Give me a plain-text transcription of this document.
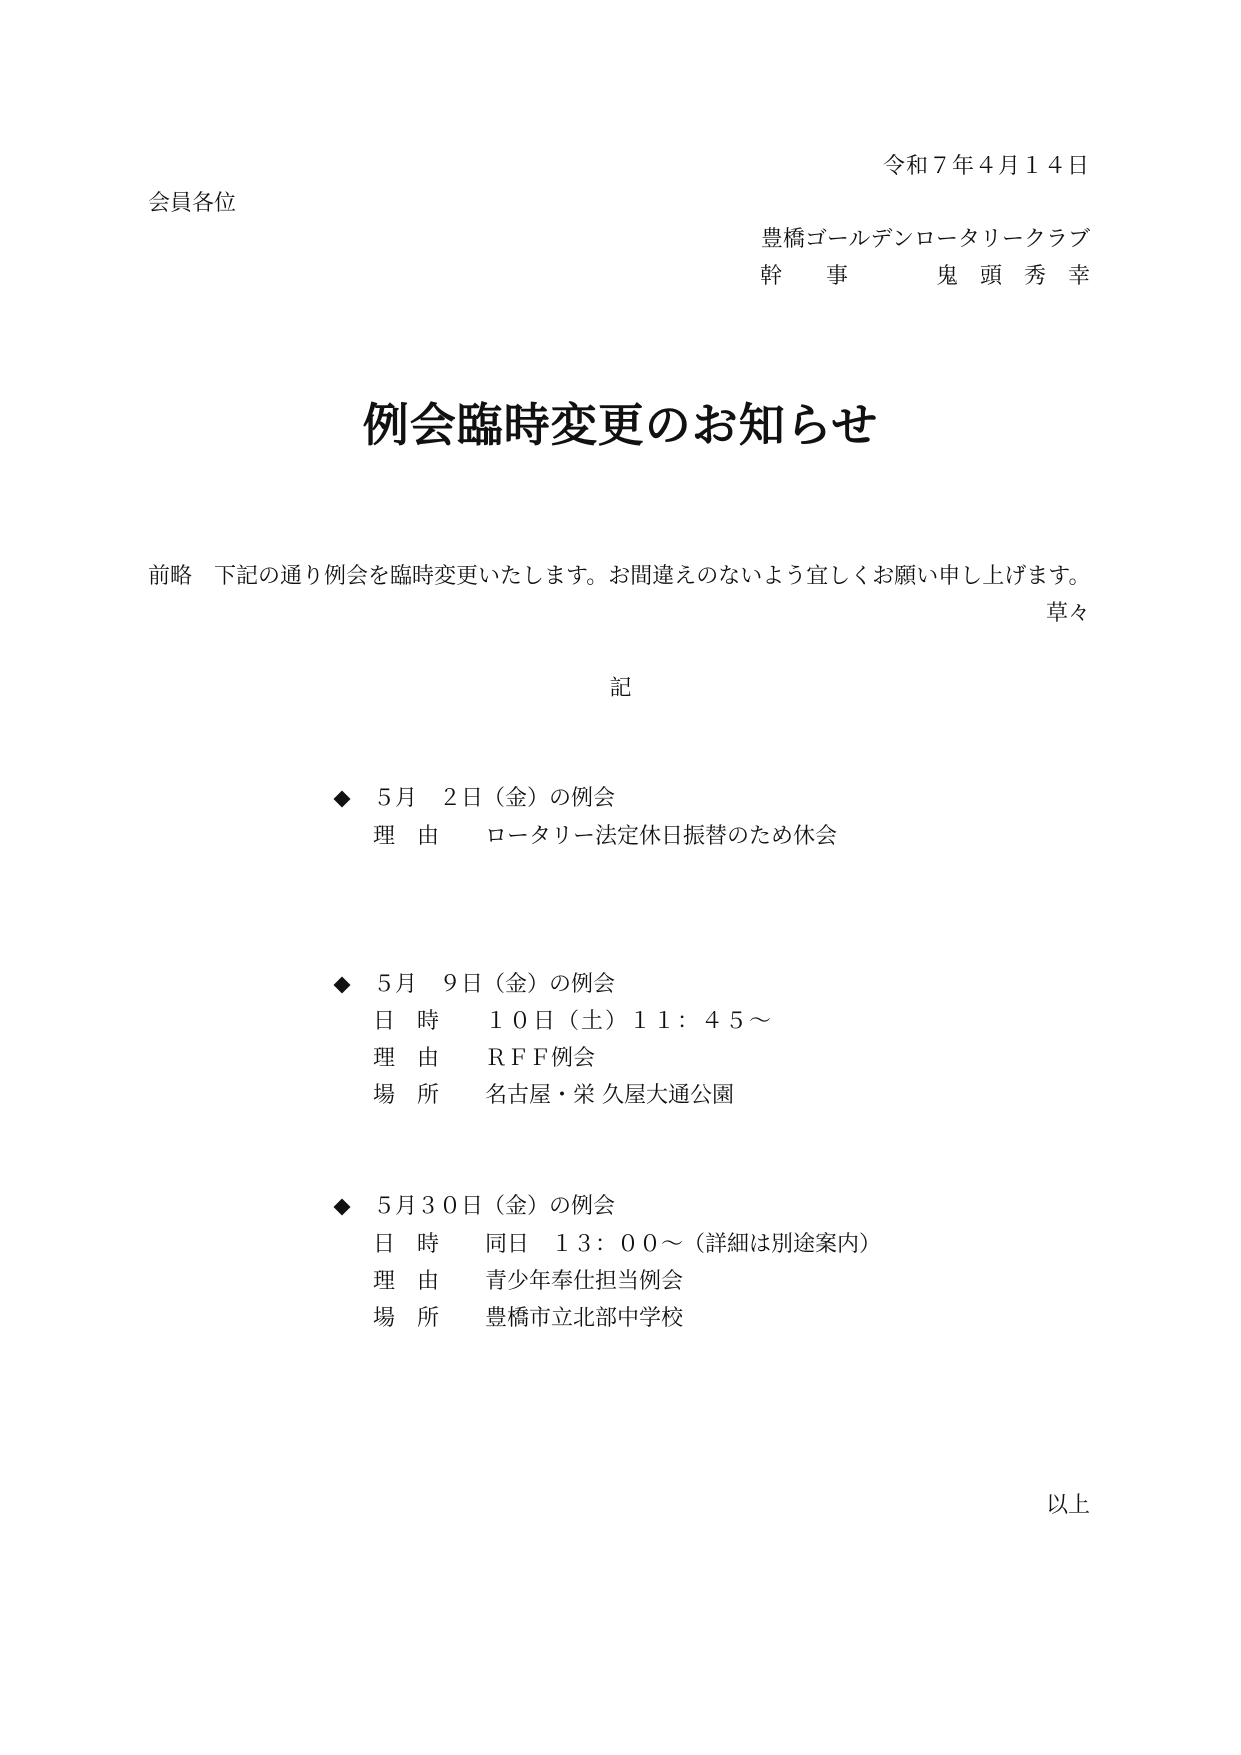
令和７年４月１４日
会員各位
豊橋ゴールデンロータリークラブ
幹　　事	鬼　頭　秀　幸
例会臨時変更のお知らせ
前略 下記の通り例会を臨時変更いたします。お間違えのないよう宜しくお願い申し上げます。
草々
記
５月　２日（金）の例会
理　由 ロータリー法定休日振替のため休会
５月　９日（金）の例会
日　時 １０日（土）１１：４５～
理　由 ＲＦＦ例会
場　所 名古屋・栄 久屋大通公園
５月３０日（金）の例会
日　時 同日　１３：００～（詳細は別途案内）
理　由 青少年奉仕担当例会
場　所 豊橋市立北部中学校
以上
